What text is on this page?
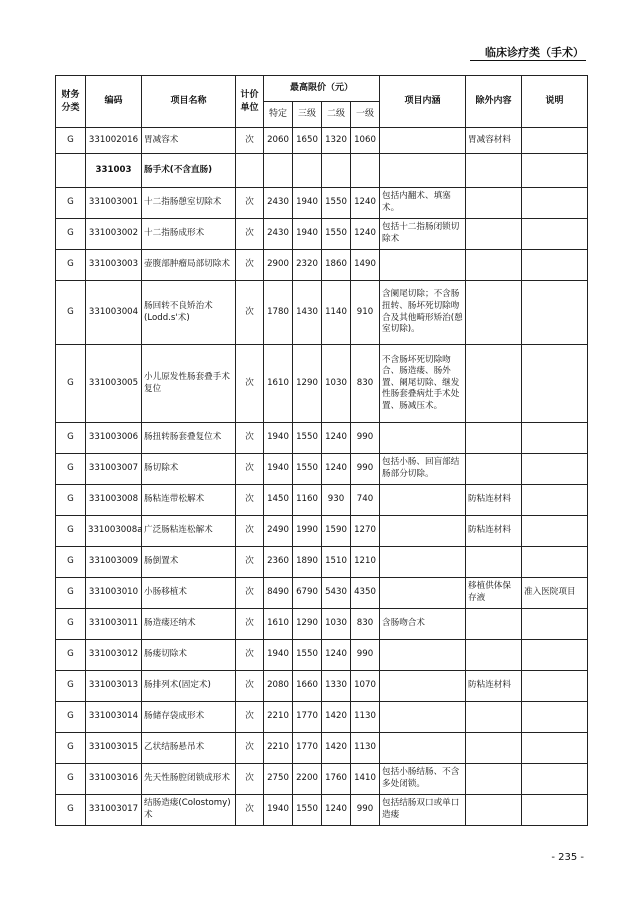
临床诊疗类（手术）
财务分类	编码	项目名称	计价单位	最高限价（元）				项目内涵	除外内容	说明
				特定	三级	二级	一级			
G	331002016	胃减容术	次	2060	1650	1320	1060		胃减容材料	
	331003	肠手术(不含直肠)								
G	331003001	十二指肠憩室切除术	次	2430	1940	1550	1240	包括内翻术、填塞术。		
G	331003002	十二指肠成形术	次	2430	1940	1550	1240	包括十二指肠闭锁切除术		
G	331003003	壶腹部肿瘤局部切除术	次	2900	2320	1860	1490			
G	331003004	肠回转不良矫治术(Lodd.s'术)	次	1780	1430	1140	910	含阑尾切除；不含肠扭转、肠坏死切除吻合及其他畸形矫治(憩室切除)。		
G	331003005	小儿原发性肠套叠手术复位	次	1610	1290	1030	830	不含肠坏死切除吻合、肠造瘘、肠外置、阑尾切除、继发性肠套叠病灶手术处置、肠减压术。		
G	331003006	肠扭转肠套叠复位术	次	1940	1550	1240	990			
G	331003007	肠切除术	次	1940	1550	1240	990	包括小肠、回盲部结肠部分切除。		
G	331003008	肠粘连带松解术	次	1450	1160	930	740		防粘连材料	
G	331003008a	广泛肠粘连松解术	次	2490	1990	1590	1270		防粘连材料	
G	331003009	肠倒置术	次	2360	1890	1510	1210			
G	331003010	小肠移植术	次	8490	6790	5430	4350		移植供体保存液	准入医院项目
G	331003011	肠造瘘还纳术	次	1610	1290	1030	830	含肠吻合术		
G	331003012	肠瘘切除术	次	1940	1550	1240	990			
G	331003013	肠排列术(固定术)	次	2080	1660	1330	1070		防粘连材料	
G	331003014	肠储存袋成形术	次	2210	1770	1420	1130			
G	331003015	乙状结肠悬吊术	次	2210	1770	1420	1130			
G	331003016	先天性肠腔闭锁成形术	次	2750	2200	1760	1410	包括小肠结肠、不含多处闭锁。		
G	331003017	结肠造瘘(Colostomy)术	次	1940	1550	1240	990	包括结肠双口或单口造瘘		
- 235 -
